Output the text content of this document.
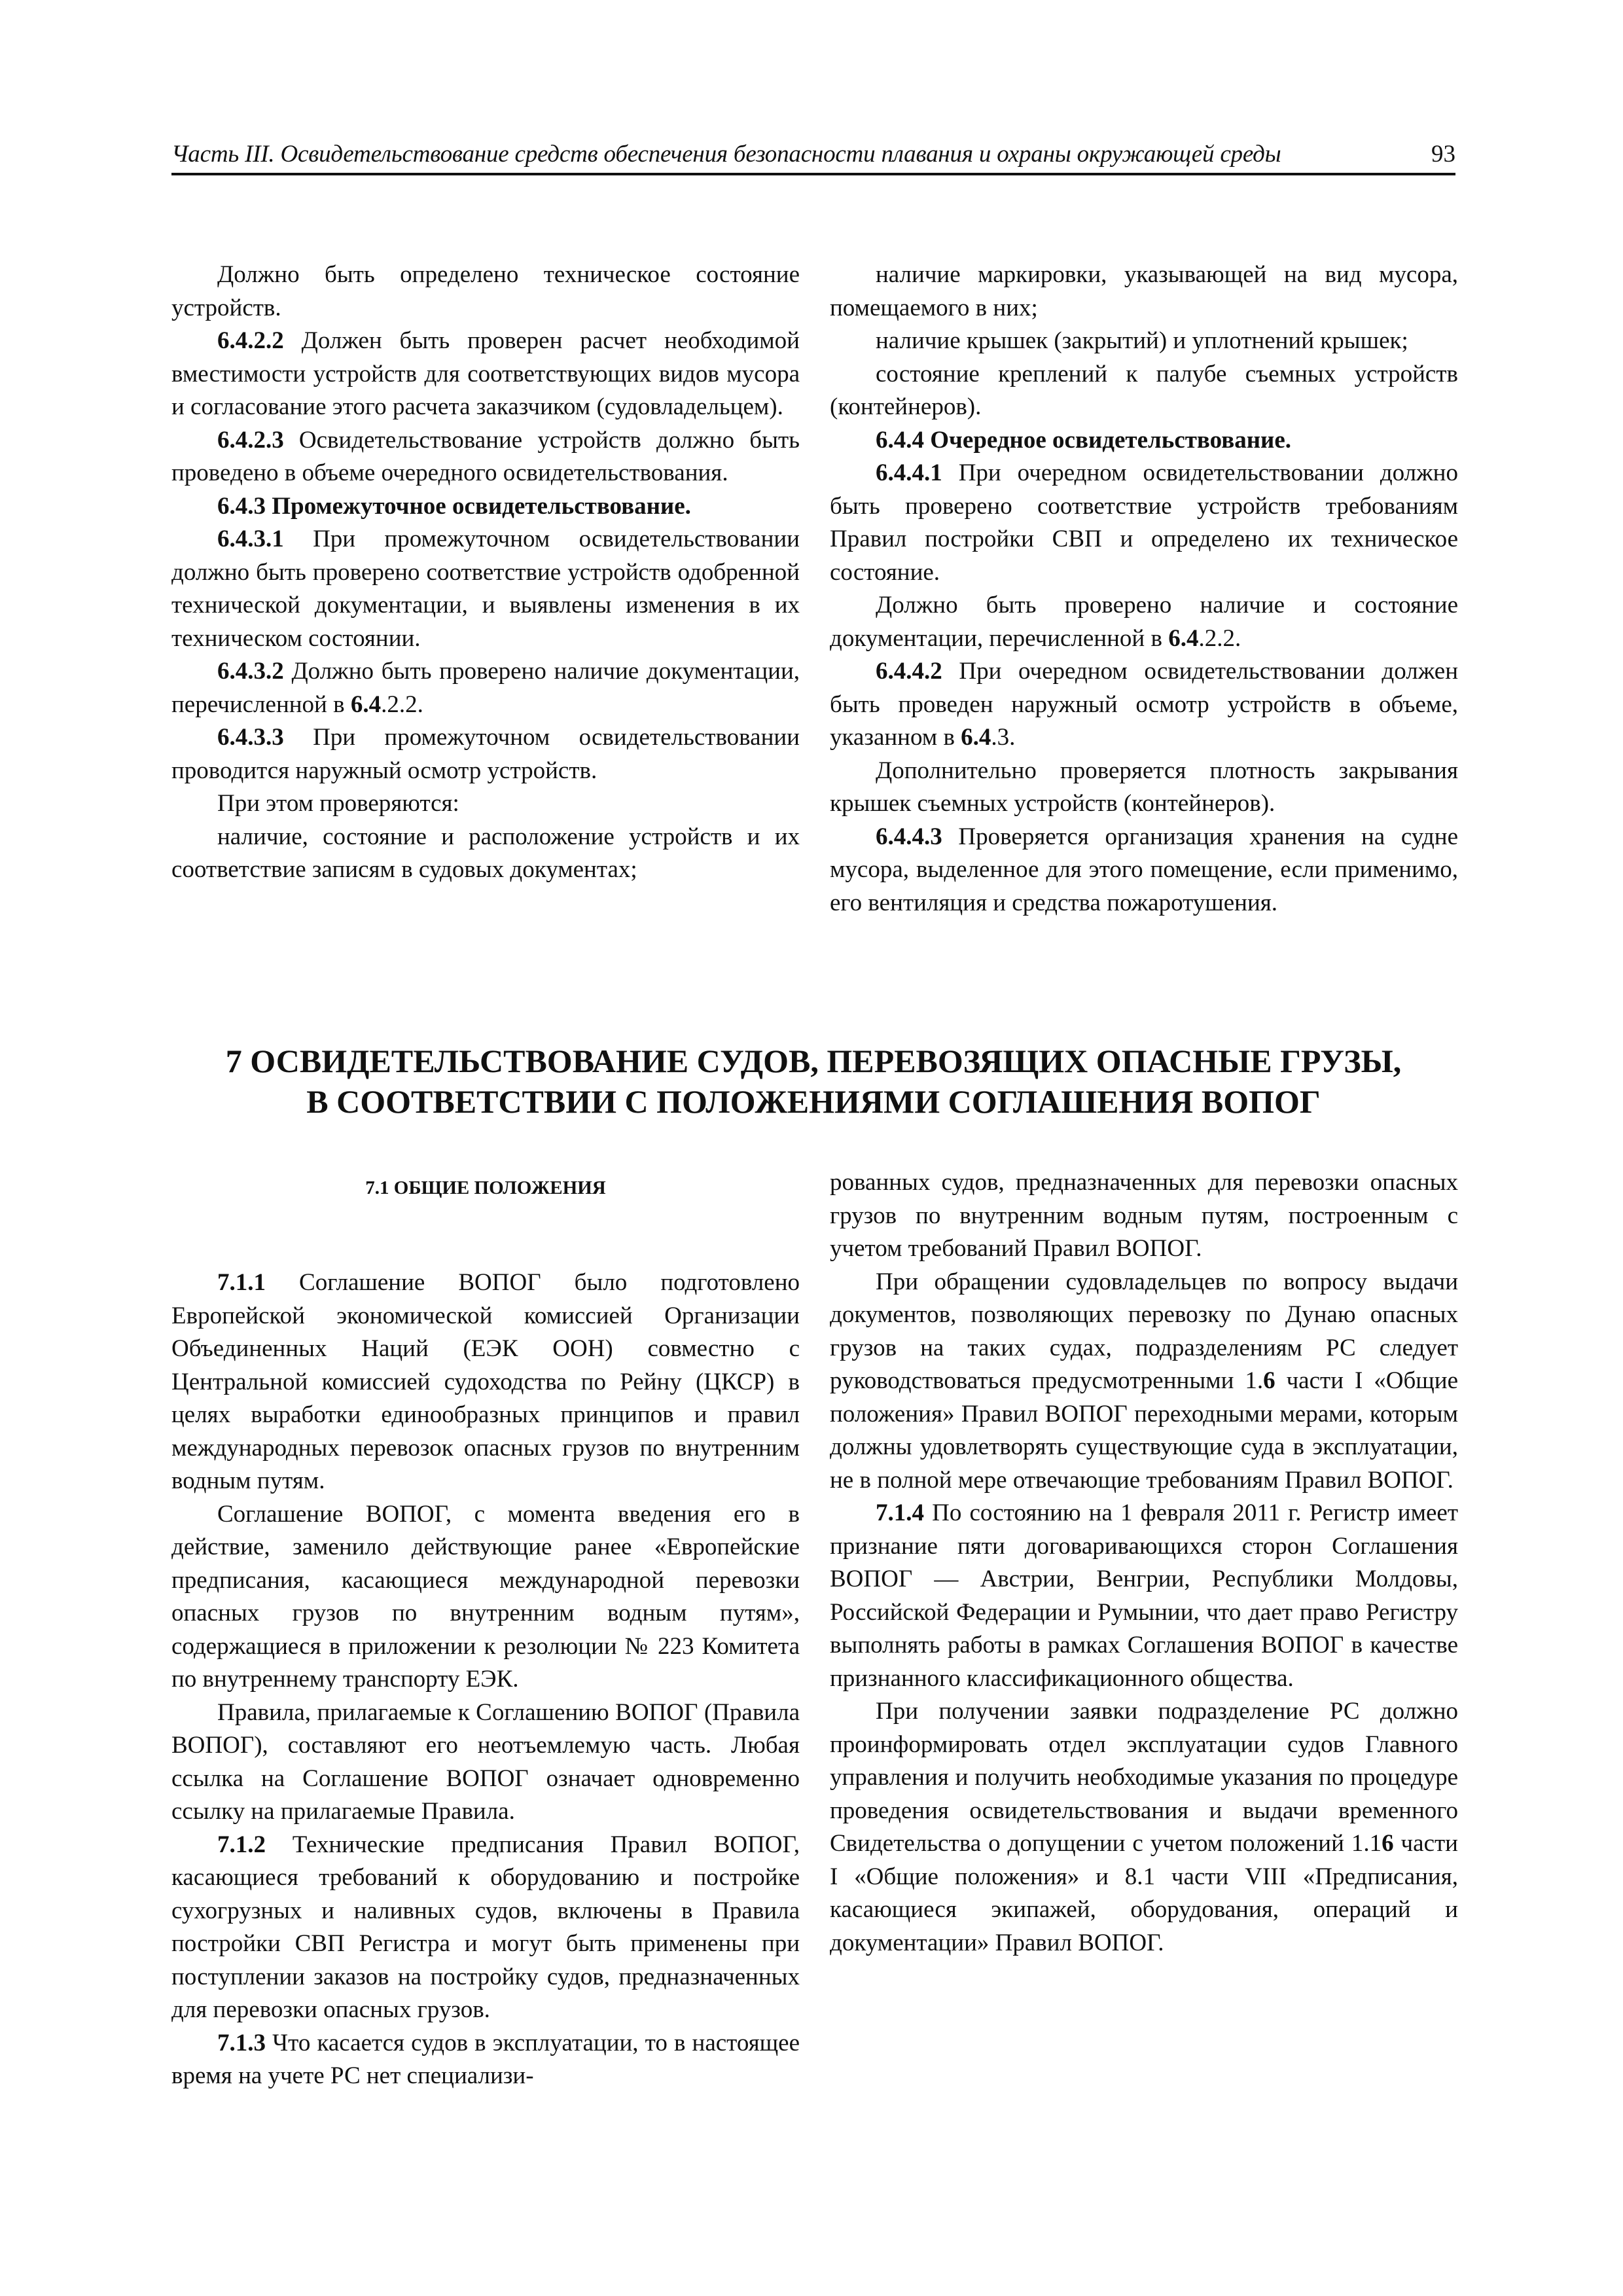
Часть III. Освидетельствование средств обеспечения безопасности плавания и охраны окружающей среды	93

Должно быть определено техническое состояние устройств.

6.4.2.2 Должен быть проверен расчет необходимой вместимости устройств для соответствующих видов мусора и согласование этого расчета заказчиком (судовладельцем).

6.4.2.3 Освидетельствование устройств должно быть проведено в объеме очередного освидетельствования.

6.4.3 Промежуточное освидетельствование.

6.4.3.1 При промежуточном освидетельствовании должно быть проверено соответствие устройств одобренной технической документации, и выявлены изменения в их техническом состоянии.

6.4.3.2 Должно быть проверено наличие документации, перечисленной в 6.4.2.2.

6.4.3.3 При промежуточном освидетельствовании проводится наружный осмотр устройств.

При этом проверяются:

наличие, состояние и расположение устройств и их соответствие записям в судовых документах;

наличие маркировки, указывающей на вид мусора, помещаемого в них;

наличие крышек (закрытий) и уплотнений крышек;

состояние креплений к палубе съемных устройств (контейнеров).

6.4.4 Очередное освидетельствование.

6.4.4.1 При очередном освидетельствовании должно быть проверено соответствие устройств требованиям Правил постройки СВП и определено их техническое состояние.

Должно быть проверено наличие и состояние документации, перечисленной в 6.4.2.2.

6.4.4.2 При очередном освидетельствовании должен быть проведен наружный осмотр устройств в объеме, указанном в 6.4.3.

Дополнительно проверяется плотность закрывания крышек съемных устройств (контейнеров).

6.4.4.3 Проверяется организация хранения на судне мусора, выделенное для этого помещение, если применимо, его вентиляция и средства пожаротушения.

7 ОСВИДЕТЕЛЬСТВОВАНИЕ СУДОВ, ПЕРЕВОЗЯЩИХ ОПАСНЫЕ ГРУЗЫ,
В СООТВЕТСТВИИ С ПОЛОЖЕНИЯМИ СОГЛАШЕНИЯ ВОПОГ
7.1 ОБЩИЕ ПОЛОЖЕНИЯ

7.1.1 Соглашение ВОПОГ было подготовлено Европейской экономической комиссией Организации Объединенных Наций (ЕЭК ООН) совместно с Центральной комиссией судоходства по Рейну (ЦКСР) в целях выработки единообразных принципов и правил международных перевозок опасных грузов по внутренним водным путям.

Соглашение ВОПОГ, с момента введения его в действие, заменило действующие ранее «Европейские предписания, касающиеся международной перевозки опасных грузов по внутренним водным путям», содержащиеся в приложении к резолюции № 223 Комитета по внутреннему транспорту ЕЭК.

Правила, прилагаемые к Соглашению ВОПОГ (Правила ВОПОГ), составляют его неотъемлемую часть. Любая ссылка на Соглашение ВОПОГ означает одновременно ссылку на прилагаемые Правила.

7.1.2 Технические предписания Правил ВОПОГ, касающиеся требований к оборудованию и постройке сухогрузных и наливных судов, включены в Правила постройки СВП Регистра и могут быть применены при поступлении заказов на постройку судов, предназначенных для перевозки опасных грузов.

7.1.3 Что касается судов в эксплуатации, то в настоящее время на учете РС нет специализи-

рованных судов, предназначенных для перевозки опасных грузов по внутренним водным путям, построенным с учетом требований Правил ВОПОГ.

При обращении судовладельцев по вопросу выдачи документов, позволяющих перевозку по Дунаю опасных грузов на таких судах, подразделениям РС следует руководствоваться предусмотренными 1.6 части I «Общие положения» Правил ВОПОГ переходными мерами, которым должны удовлетворять существующие суда в эксплуатации, не в полной мере отвечающие требованиям Правил ВОПОГ.

7.1.4 По состоянию на 1 февраля 2011 г. Регистр имеет признание пяти договаривающихся сторон Соглашения ВОПОГ — Австрии, Венгрии, Республики Молдовы, Российской Федерации и Румынии, что дает право Регистру выполнять работы в рамках Соглашения ВОПОГ в качестве признанного классификационного общества.

При получении заявки подразделение РС должно проинформировать отдел эксплуатации судов Главного управления и получить необходимые указания по процедуре проведения освидетельствования и выдачи временного Свидетельства о допущении с учетом положений 1.16 части I «Общие положения» и 8.1 части VIII «Предписания, касающиеся экипажей, оборудования, операций и документации» Правил ВОПОГ.
